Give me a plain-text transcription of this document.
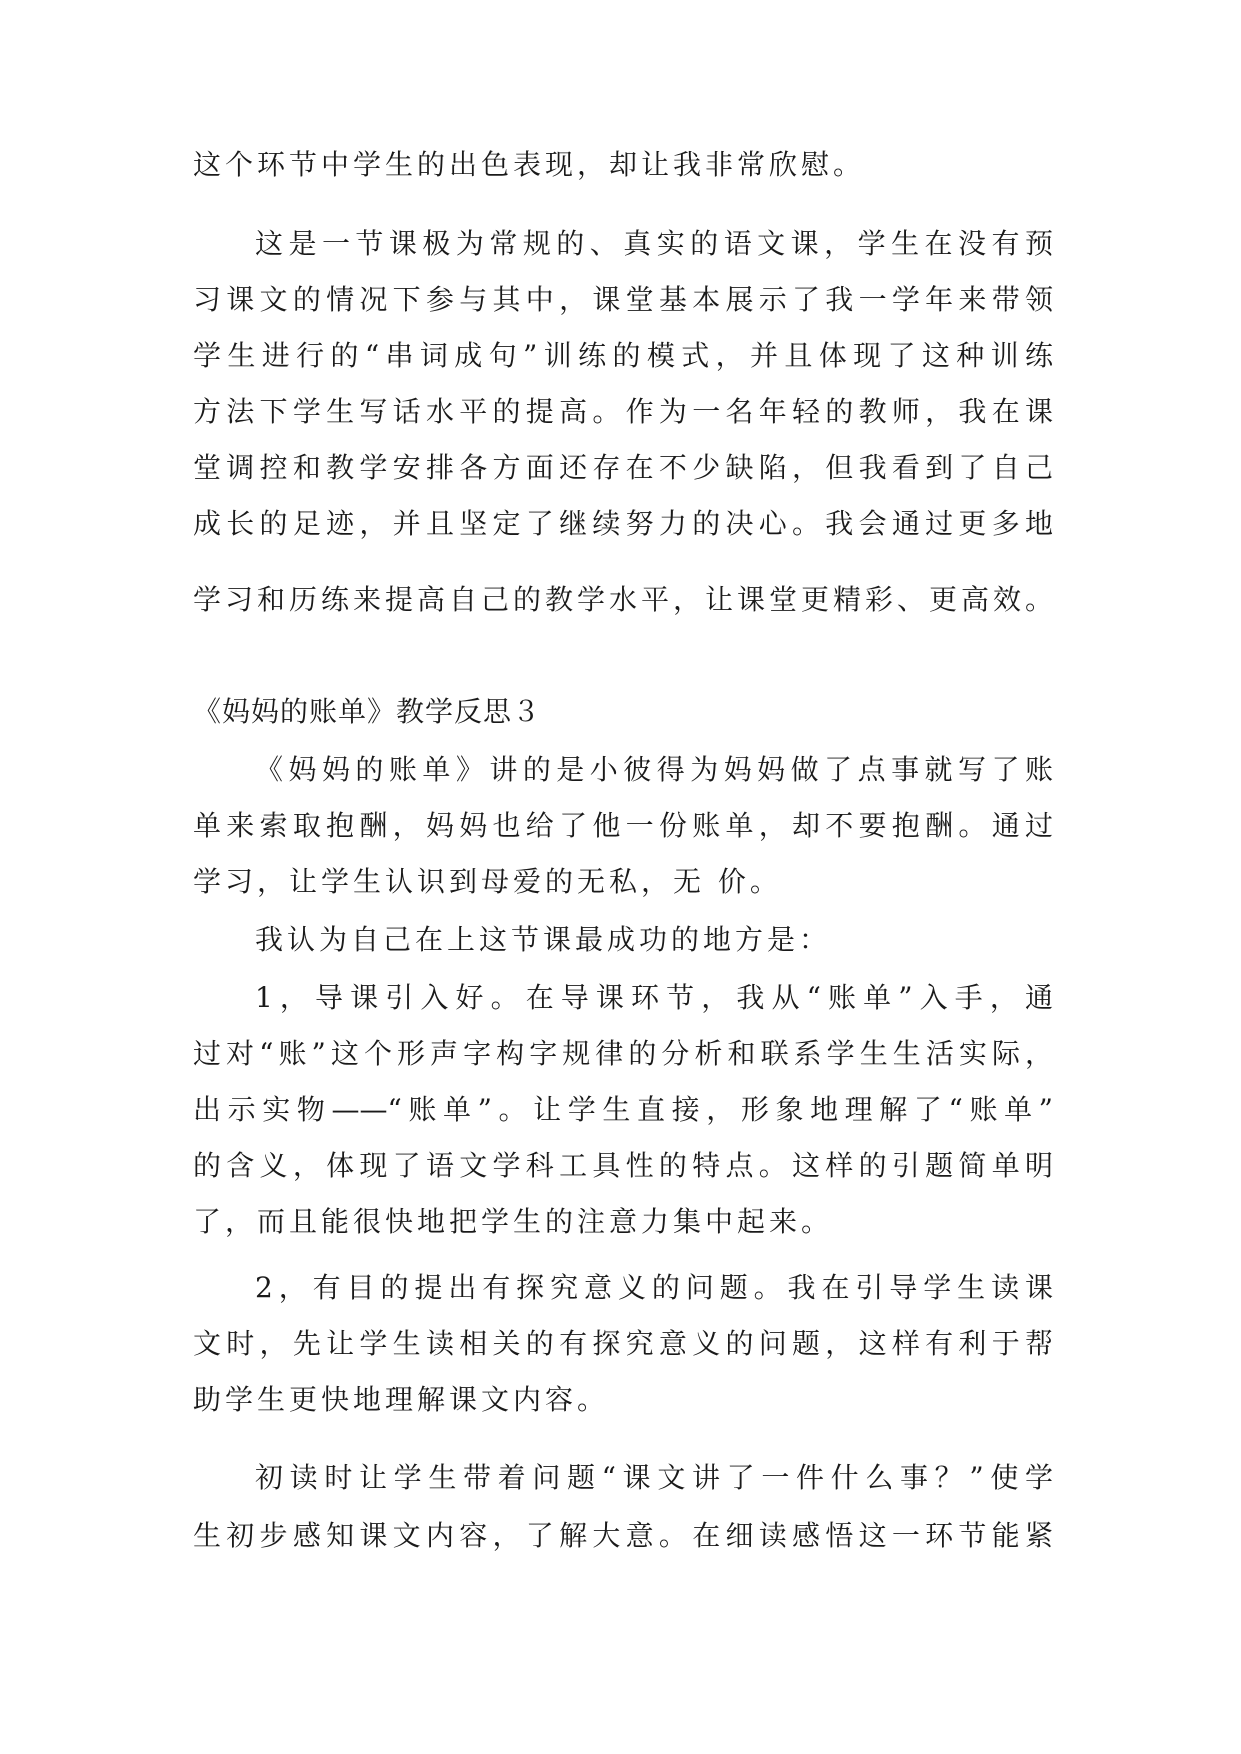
这个环节中学生的出色表现，却让我非常欣慰。
这是一节课极为常规的、真实的语文课，学生在没有预
习课文的情况下参与其中，课堂基本展示了我一学年来带领
学生进行的“串词成句”训练的模式，并且体现了这种训练
方法下学生写话水平的提高。作为一名年轻的教师，我在课
堂调控和教学安排各方面还存在不少缺陷，但我看到了自己
成长的足迹，并且坚定了继续努力的决心。我会通过更多地
学习和历练来提高自己的教学水平，让课堂更精彩、更高效。
《妈妈的账单》教学反思３
《妈妈的账单》讲的是小彼得为妈妈做了点事就写了账
单来索取抱酬，妈妈也给了他一份账单，却不要抱酬。通过
学习，让学生认识到母爱的无私，无 价。
我认为自己在上这节课最成功的地方是：
1，导课引入好。在导课环节，我从“账单”入手，通
过对“账”这个形声字构字规律的分析和联系学生生活实际，
出示实物——“账单”。让学生直接，形象地理解了“账单”
的含义，体现了语文学科工具性的特点。这样的引题简单明
了，而且能很快地把学生的注意力集中起来。
2，有目的提出有探究意义的问题。我在引导学生读课
文时，先让学生读相关的有探究意义的问题，这样有利于帮
助学生更快地理解课文内容。
初读时让学生带着问题“课文讲了一件什么事？”使学
生初步感知课文内容，了解大意。在细读感悟这一环节能紧
